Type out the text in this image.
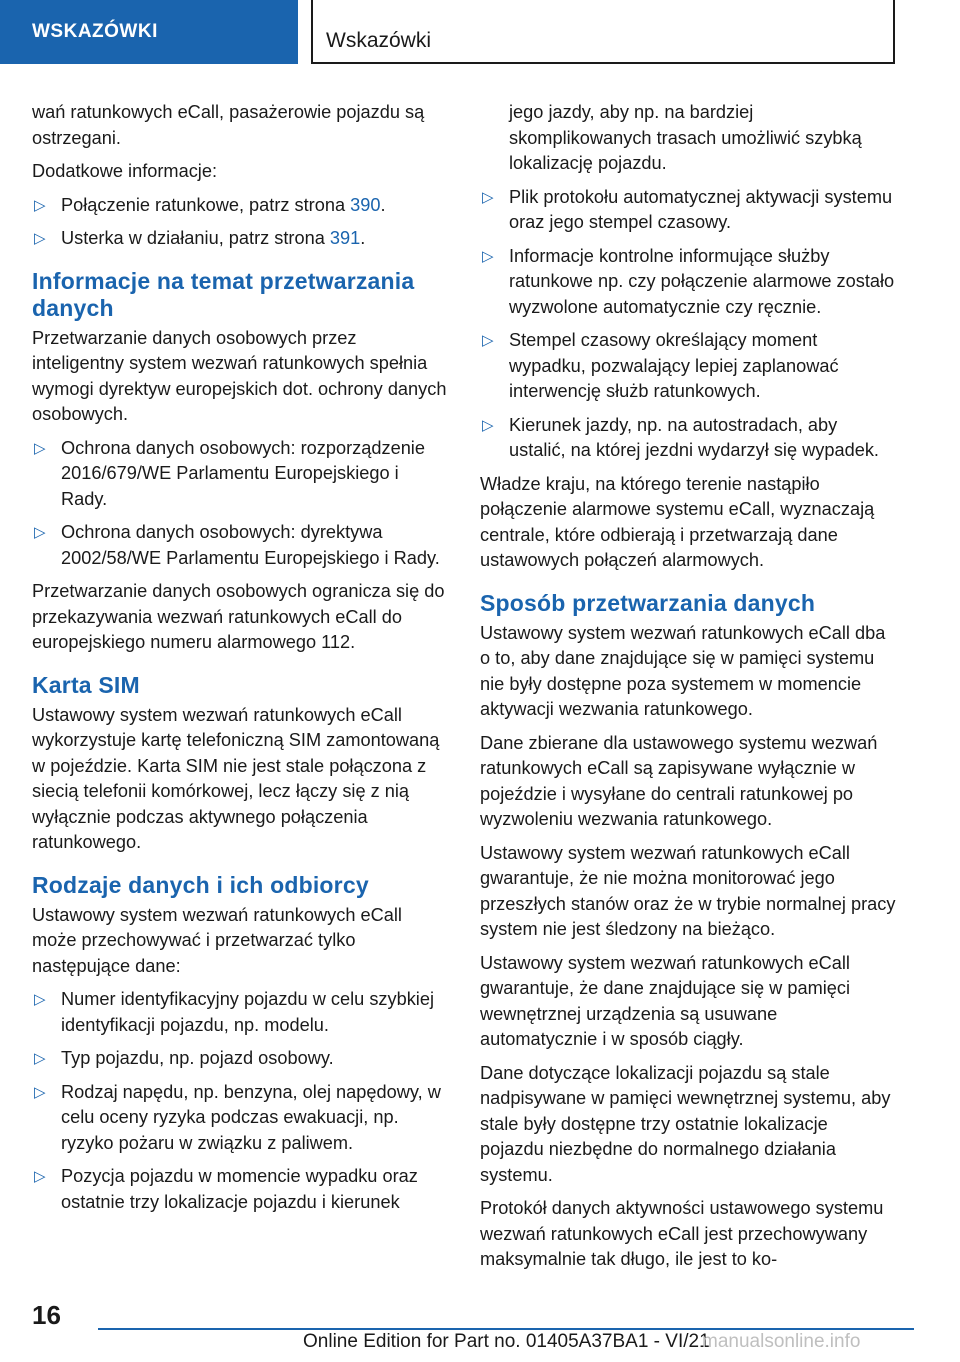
WSKAZÓWKI	Wskazówki

wań ratunkowych eCall, pasażerowie pojazdu są ostrzegani.

Dodatkowe informacje:

▷ Połączenie ratunkowe, patrz strona 390.
▷ Usterka w działaniu, patrz strona 391.
Informacje na temat przetwarzania danych

Przetwarzanie danych osobowych przez inteligentny system wezwań ratunkowych spełnia wymogi dyrektyw europejskich dot. ochrony danych osobowych.

▷ Ochrona danych osobowych: rozporządzenie 2016/679/WE Parlamentu Europejskiego i Rady.
▷ Ochrona danych osobowych: dyrektywa 2002/58/WE Parlamentu Europejskiego i Rady.

Przetwarzanie danych osobowych ogranicza się do przekazywania wezwań ratunkowych eCall do europejskiego numeru alarmowego 112.

Karta SIM

Ustawowy system wezwań ratunkowych eCall wykorzystuje kartę telefoniczną SIM zamontowaną w pojeździe. Karta SIM nie jest stale połączona z siecią telefonii komórkowej, lecz łączy się z nią wyłącznie podczas aktywnego połączenia ratunkowego.

Rodzaje danych i ich odbiorcy

Ustawowy system wezwań ratunkowych eCall może przechowywać i przetwarzać tylko następujące dane:

▷ Numer identyfikacyjny pojazdu w celu szybkiej identyfikacji pojazdu, np. modelu.
▷ Typ pojazdu, np. pojazd osobowy.
▷ Rodzaj napędu, np. benzyna, olej napędowy, w celu oceny ryzyka podczas ewakuacji, np. ryzyko pożaru w związku z paliwem.
▷ Pozycja pojazdu w momencie wypadku oraz ostatnie trzy lokalizacje pojazdu i kierunek
jego jazdy, aby np. na bardziej skomplikowanych trasach umożliwić szybką lokalizację pojazdu.
▷ Plik protokołu automatycznej aktywacji systemu oraz jego stempel czasowy.
▷ Informacje kontrolne informujące służby ratunkowe np. czy połączenie alarmowe zostało wyzwolone automatycznie czy ręcznie.
▷ Stempel czasowy określający moment wypadku, pozwalający lepiej zaplanować interwencję służb ratunkowych.
▷ Kierunek jazdy, np. na autostradach, aby ustalić, na której jezdni wydarzył się wypadek.

Władze kraju, na którego terenie nastąpiło połączenie alarmowe systemu eCall, wyznaczają centrale, które odbierają i przetwarzają dane ustawowych połączeń alarmowych.

Sposób przetwarzania danych

Ustawowy system wezwań ratunkowych eCall dba o to, aby dane znajdujące się w pamięci systemu nie były dostępne poza systemem w momencie aktywacji wezwania ratunkowego.

Dane zbierane dla ustawowego systemu wezwań ratunkowych eCall są zapisywane wyłącznie w pojeździe i wysyłane do centrali ratunkowej po wyzwoleniu wezwania ratunkowego.

Ustawowy system wezwań ratunkowych eCall gwarantuje, że nie można monitorować jego przeszłych stanów oraz że w trybie normalnej pracy system nie jest śledzony na bieżąco.

Ustawowy system wezwań ratunkowych eCall gwarantuje, że dane znajdujące się w pamięci wewnętrznej urządzenia są usuwane automatycznie i w sposób ciągły.

Dane dotyczące lokalizacji pojazdu są stale nadpisywane w pamięci wewnętrznej systemu, aby stale były dostępne trzy ostatnie lokalizacje pojazdu niezbędne do normalnego działania systemu.

Protokół danych aktywności ustawowego systemu wezwań ratunkowych eCall jest przechowywany maksymalnie tak długo, ile jest to ko-

16
Online Edition for Part no. 01405A37BA1 - VI/21
manualsonline.info
